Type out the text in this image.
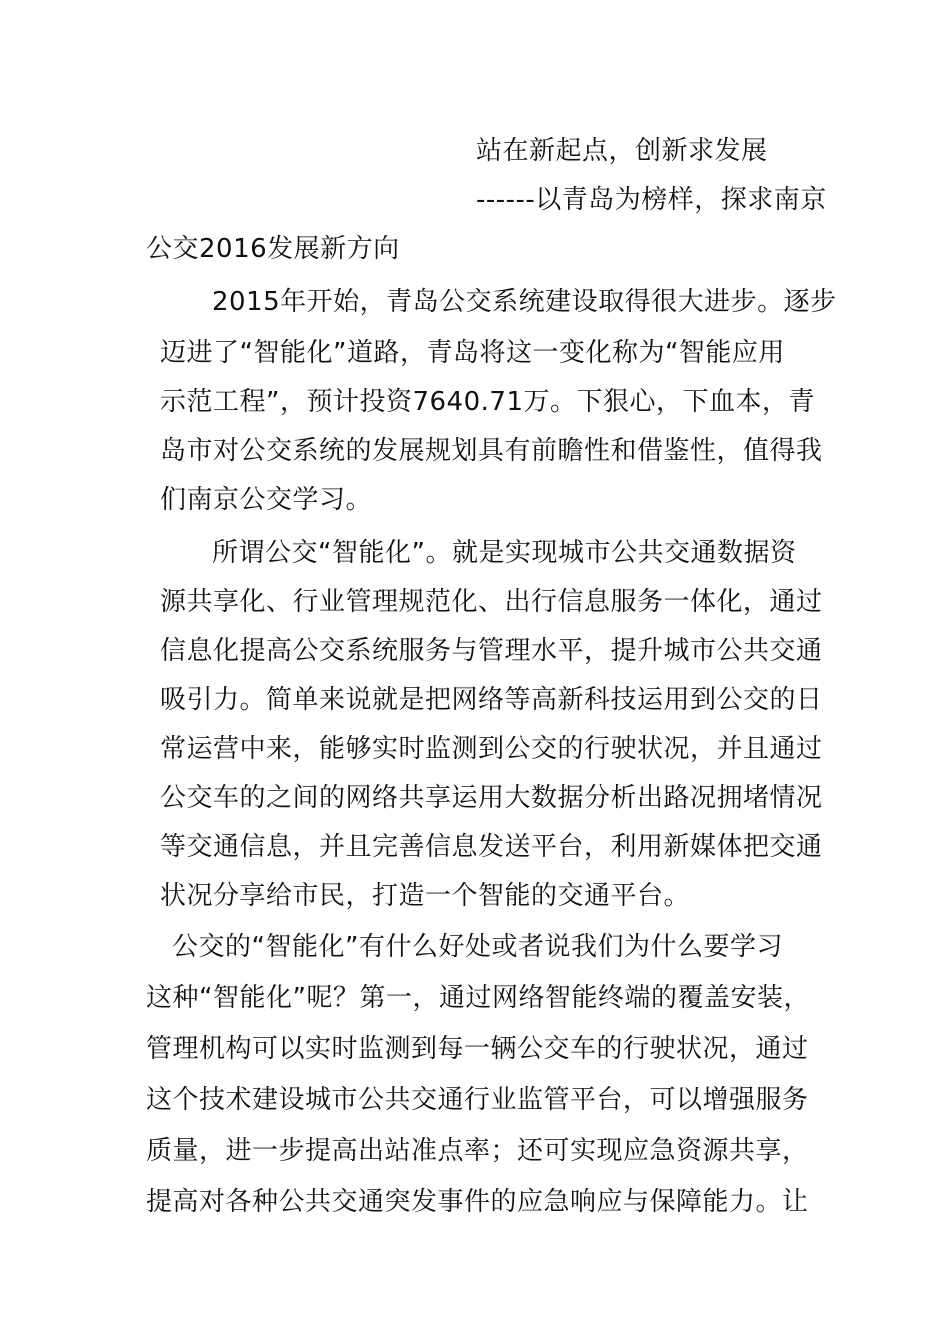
站在新起点，创新求发展
------以青岛为榜样，探求南京
公交2016发展新方向
2015年开始，青岛公交系统建设取得很大进步。逐步
迈进了“智能化”道路，青岛将这一变化称为“智能应用
示范工程”，预计投资7640.71万。下狠心，下血本，青
岛市对公交系统的发展规划具有前瞻性和借鉴性，值得我
们南京公交学习。
所谓公交“智能化”。就是实现城市公共交通数据资
源共享化、行业管理规范化、出行信息服务一体化，通过
信息化提高公交系统服务与管理水平，提升城市公共交通
吸引力。简单来说就是把网络等高新科技运用到公交的日
常运营中来，能够实时监测到公交的行驶状况，并且通过
公交车的之间的网络共享运用大数据分析出路况拥堵情况
等交通信息，并且完善信息发送平台，利用新媒体把交通
状况分享给市民，打造一个智能的交通平台。
公交的“智能化”有什么好处或者说我们为什么要学习
这种“智能化”呢？第一，通过网络智能终端的覆盖安装，
管理机构可以实时监测到每一辆公交车的行驶状况，通过
这个技术建设城市公共交通行业监管平台，可以增强服务
质量，进一步提高出站准点率；还可实现应急资源共享，
提高对各种公共交通突发事件的应急响应与保障能力。让
